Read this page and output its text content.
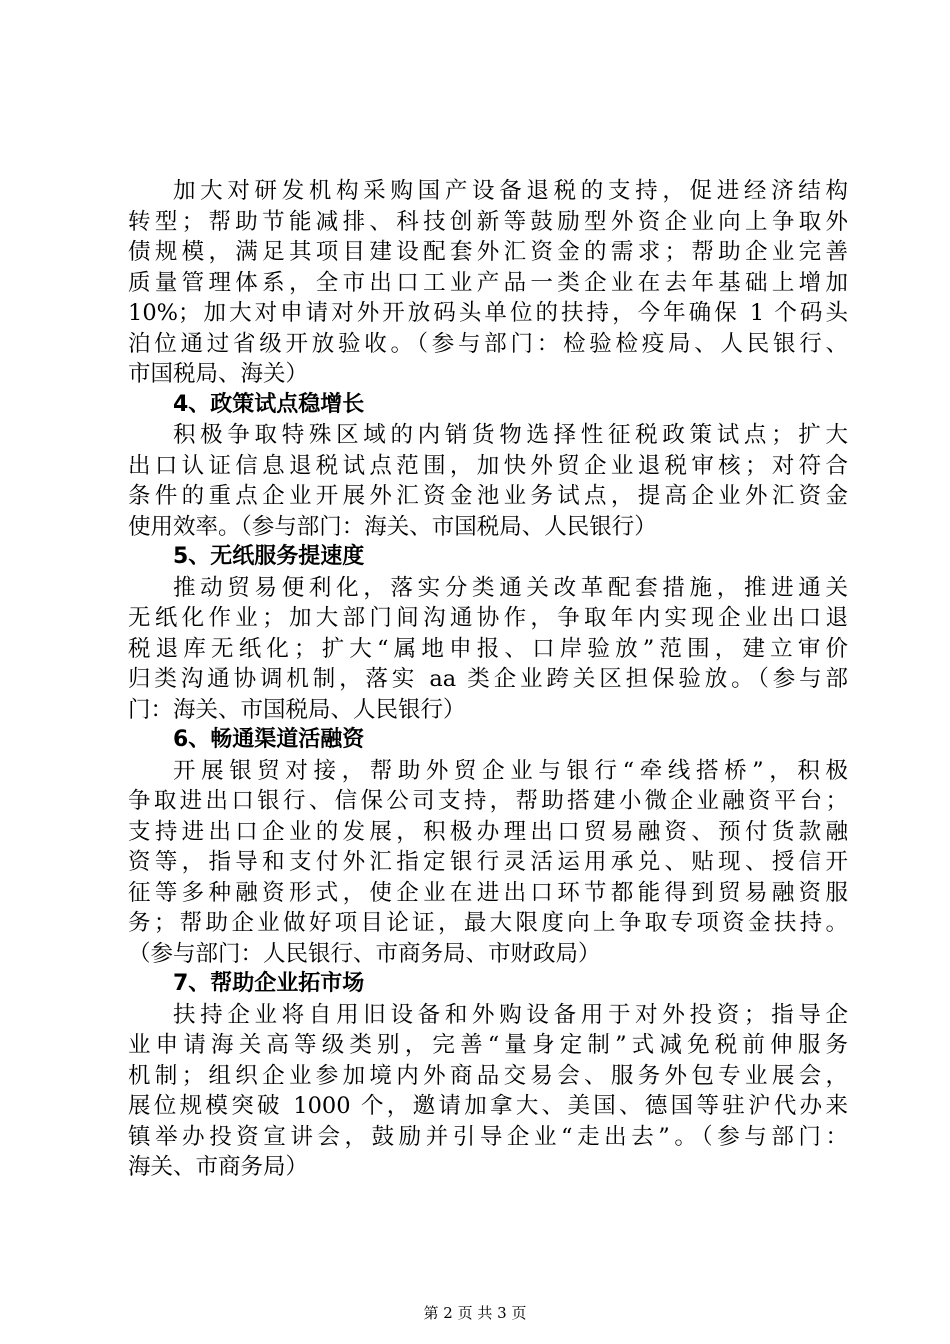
加大对研发机构采购国产设备退税的支持，促进经济结构
转型；帮助节能减排、科技创新等鼓励型外资企业向上争取外
债规模，满足其项目建设配套外汇资金的需求；帮助企业完善
质量管理体系，全市出口工业产品一类企业在去年基础上增加
10%；加大对申请对外开放码头单位的扶持，今年确保 1 个码头
泊位通过省级开放验收。（参与部门：检验检疫局、人民银行、
市国税局、海关）
4、政策试点稳增长
积极争取特殊区域的内销货物选择性征税政策试点；扩大
出口认证信息退税试点范围，加快外贸企业退税审核；对符合
条件的重点企业开展外汇资金池业务试点，提高企业外汇资金
使用效率。（参与部门：海关、市国税局、人民银行）
5、无纸服务提速度
推动贸易便利化，落实分类通关改革配套措施，推进通关
无纸化作业；加大部门间沟通协作，争取年内实现企业出口退
税退库无纸化；扩大“属地申报、口岸验放”范围，建立审价
归类沟通协调机制，落实 aa 类企业跨关区担保验放。（参与部
门：海关、市国税局、人民银行）
6、畅通渠道活融资
开展银贸对接，帮助外贸企业与银行“牵线搭桥”，积极
争取进出口银行、信保公司支持，帮助搭建小微企业融资平台；
支持进出口企业的发展，积极办理出口贸易融资、预付货款融
资等，指导和支付外汇指定银行灵活运用承兑、贴现、授信开
征等多种融资形式，使企业在进出口环节都能得到贸易融资服
务；帮助企业做好项目论证，最大限度向上争取专项资金扶持。
（参与部门：人民银行、市商务局、市财政局）
7、帮助企业拓市场
扶持企业将自用旧设备和外购设备用于对外投资；指导企
业申请海关高等级类别，完善“量身定制”式减免税前伸服务
机制；组织企业参加境内外商品交易会、服务外包专业展会，
展位规模突破 1000 个，邀请加拿大、美国、德国等驻沪代办来
镇举办投资宣讲会，鼓励并引导企业“走出去”。（参与部门：
海关、市商务局）
第 2 页 共 3 页
